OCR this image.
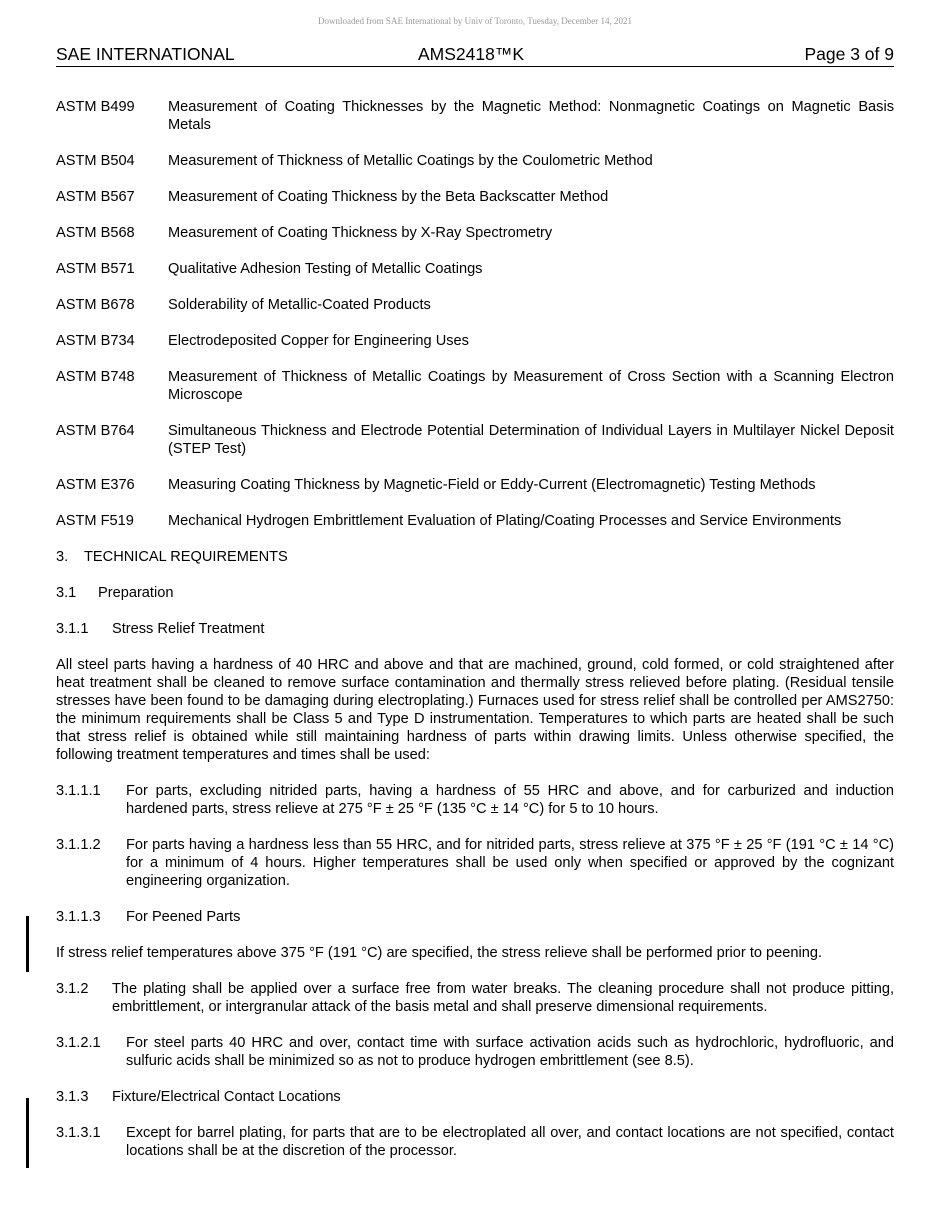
Downloaded from SAE International by Univ of Toronto, Tuesday, December 14, 2021
SAE INTERNATIONAL	AMS2418™K	Page 3 of 9
ASTM B499	Measurement of Coating Thicknesses by the Magnetic Method: Nonmagnetic Coatings on Magnetic Basis Metals
ASTM B504	Measurement of Thickness of Metallic Coatings by the Coulometric Method
ASTM B567	Measurement of Coating Thickness by the Beta Backscatter Method
ASTM B568	Measurement of Coating Thickness by X-Ray Spectrometry
ASTM B571	Qualitative Adhesion Testing of Metallic Coatings
ASTM B678	Solderability of Metallic-Coated Products
ASTM B734	Electrodeposited Copper for Engineering Uses
ASTM B748	Measurement of Thickness of Metallic Coatings by Measurement of Cross Section with a Scanning Electron Microscope
ASTM B764	Simultaneous Thickness and Electrode Potential Determination of Individual Layers in Multilayer Nickel Deposit (STEP Test)
ASTM E376	Measuring Coating Thickness by Magnetic-Field or Eddy-Current (Electromagnetic) Testing Methods
ASTM F519	Mechanical Hydrogen Embrittlement Evaluation of Plating/Coating Processes and Service Environments
3. TECHNICAL REQUIREMENTS
3.1 Preparation
3.1.1 Stress Relief Treatment
All steel parts having a hardness of 40 HRC and above and that are machined, ground, cold formed, or cold straightened after heat treatment shall be cleaned to remove surface contamination and thermally stress relieved before plating. (Residual tensile stresses have been found to be damaging during electroplating.) Furnaces used for stress relief shall be controlled per AMS2750: the minimum requirements shall be Class 5 and Type D instrumentation. Temperatures to which parts are heated shall be such that stress relief is obtained while still maintaining hardness of parts within drawing limits. Unless otherwise specified, the following treatment temperatures and times shall be used:
3.1.1.1	For parts, excluding nitrided parts, having a hardness of 55 HRC and above, and for carburized and induction hardened parts, stress relieve at 275 °F ± 25 °F (135 °C ± 14 °C) for 5 to 10 hours.
3.1.1.2	For parts having a hardness less than 55 HRC, and for nitrided parts, stress relieve at 375 °F ± 25 °F (191 °C ± 14 °C) for a minimum of 4 hours. Higher temperatures shall be used only when specified or approved by the cognizant engineering organization.
3.1.1.3	For Peened Parts
If stress relief temperatures above 375 °F (191 °C) are specified, the stress relieve shall be performed prior to peening.
3.1.2	The plating shall be applied over a surface free from water breaks. The cleaning procedure shall not produce pitting, embrittlement, or intergranular attack of the basis metal and shall preserve dimensional requirements.
3.1.2.1	For steel parts 40 HRC and over, contact time with surface activation acids such as hydrochloric, hydrofluoric, and sulfuric acids shall be minimized so as not to produce hydrogen embrittlement (see 8.5).
3.1.3	Fixture/Electrical Contact Locations
3.1.3.1	Except for barrel plating, for parts that are to be electroplated all over, and contact locations are not specified, contact locations shall be at the discretion of the processor.
